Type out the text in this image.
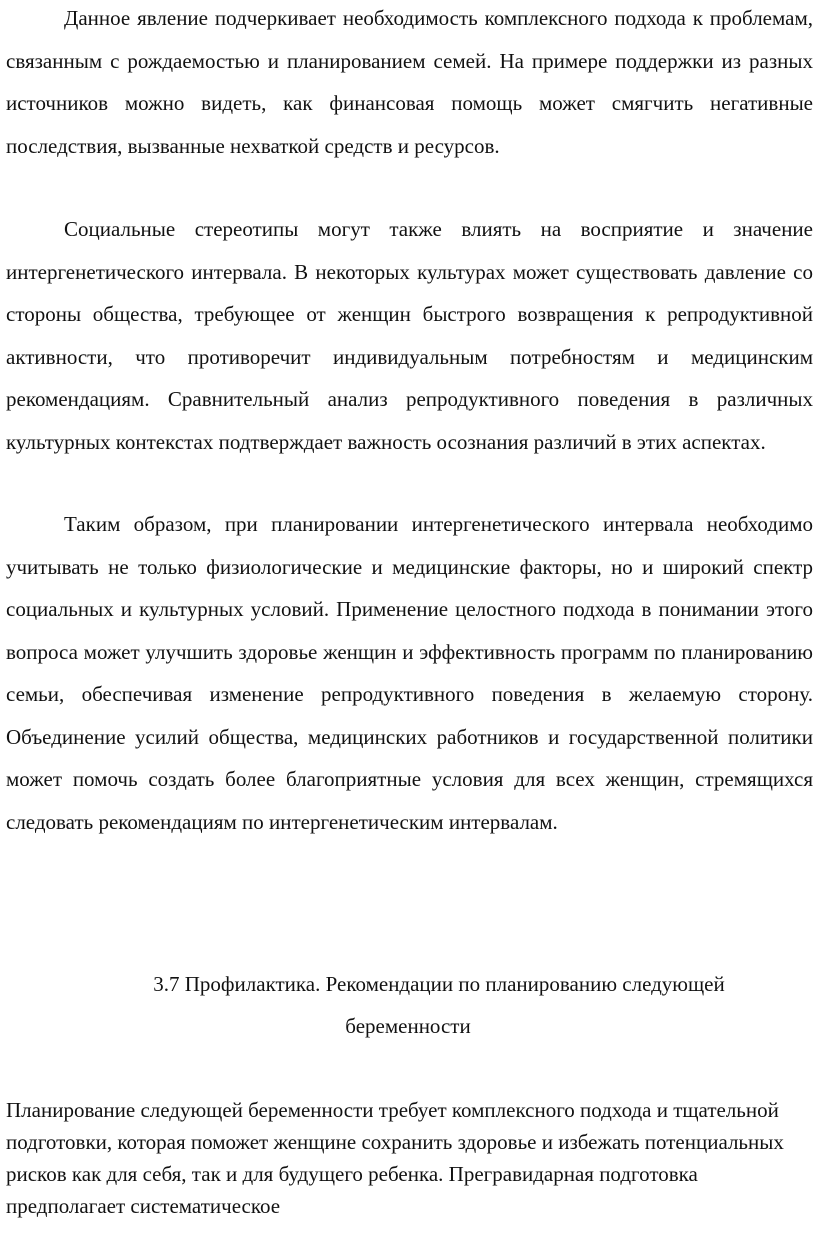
Данное явление подчеркивает необходимость комплексного подхода к проблемам, связанным с рождаемостью и планированием семей. На примере поддержки из разных источников можно видеть, как финансовая помощь может смягчить негативные последствия, вызванные нехваткой средств и ресурсов.

Социальные стереотипы могут также влиять на восприятие и значение интергенетического интервала. В некоторых культурах может существовать давление со стороны общества, требующее от женщин быстрого возвращения к репродуктивной активности, что противоречит индивидуальным потребностям и медицинским рекомендациям. Сравнительный анализ репродуктивного поведения в различных культурных контекстах подтверждает важность осознания различий в этих аспектах.

Таким образом, при планировании интергенетического интервала необходимо учитывать не только физиологические и медицинские факторы, но и широкий спектр социальных и культурных условий. Применение целостного подхода в понимании этого вопроса может улучшить здоровье женщин и эффективность программ по планированию семьи, обеспечивая изменение репродуктивного поведения в желаемую сторону. Объединение усилий общества, медицинских работников и государственной политики может помочь создать более благоприятные условия для всех женщин, стремящихся следовать рекомендациям по интергенетическим интервалам.

3.7 Профилактика. Рекомендации по планированию следующей
беременности

Планирование следующей беременности требует комплексного подхода и тщательной подготовки, которая поможет женщине сохранить здоровье и избежать потенциальных рисков как для себя, так и для будущего ребенка. Прегравидарная подготовка предполагает систематическое
